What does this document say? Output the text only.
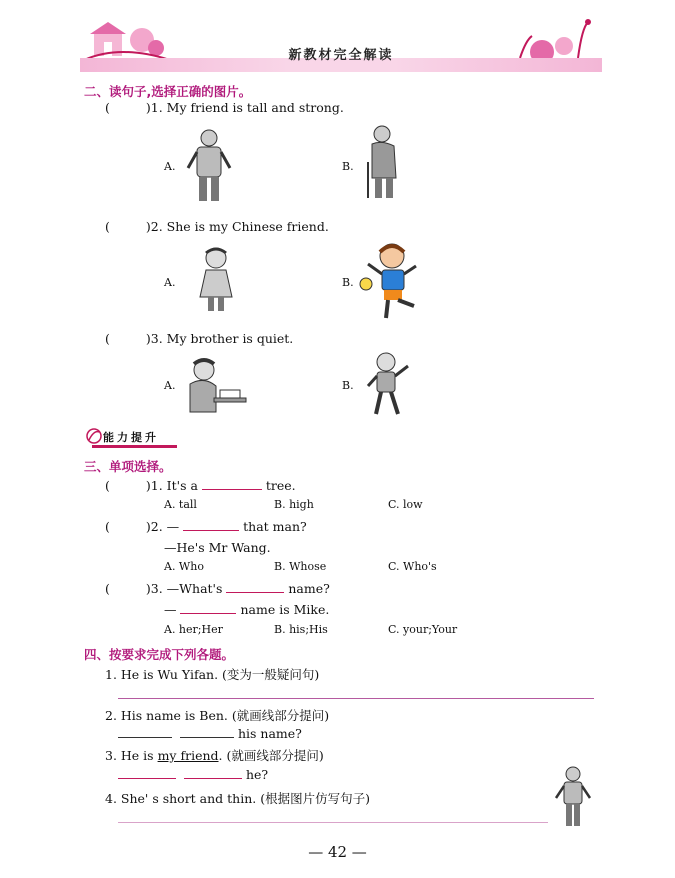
新教材完全解读
二、读句子,选择正确的图片。
(	)1. My friend is tall and strong.
A.	B.
(	)2. She is my Chinese friend.
A.	B.
(	)3. My brother is quiet.
A.	B.
能力提升
三、单项选择。
(	)1. It's a	tree.
A. tall	B. high	C. low
(	)2. —	that man?
—He's Mr Wang.
A. Who	B. Whose	C. Who's
(	)3. —What's	name?
—	name is Mike.
A. her;Her	B. his;His	C. your;Your
四、按要求完成下列各题。
1. He is Wu Yifan. (变为一般疑问句)
2. His name is Ben. (就画线部分提问)
his name?
3. He is my friend. (就画线部分提问)
he?
4. She' s short and thin. (根据图片仿写句子)
— 42 —
